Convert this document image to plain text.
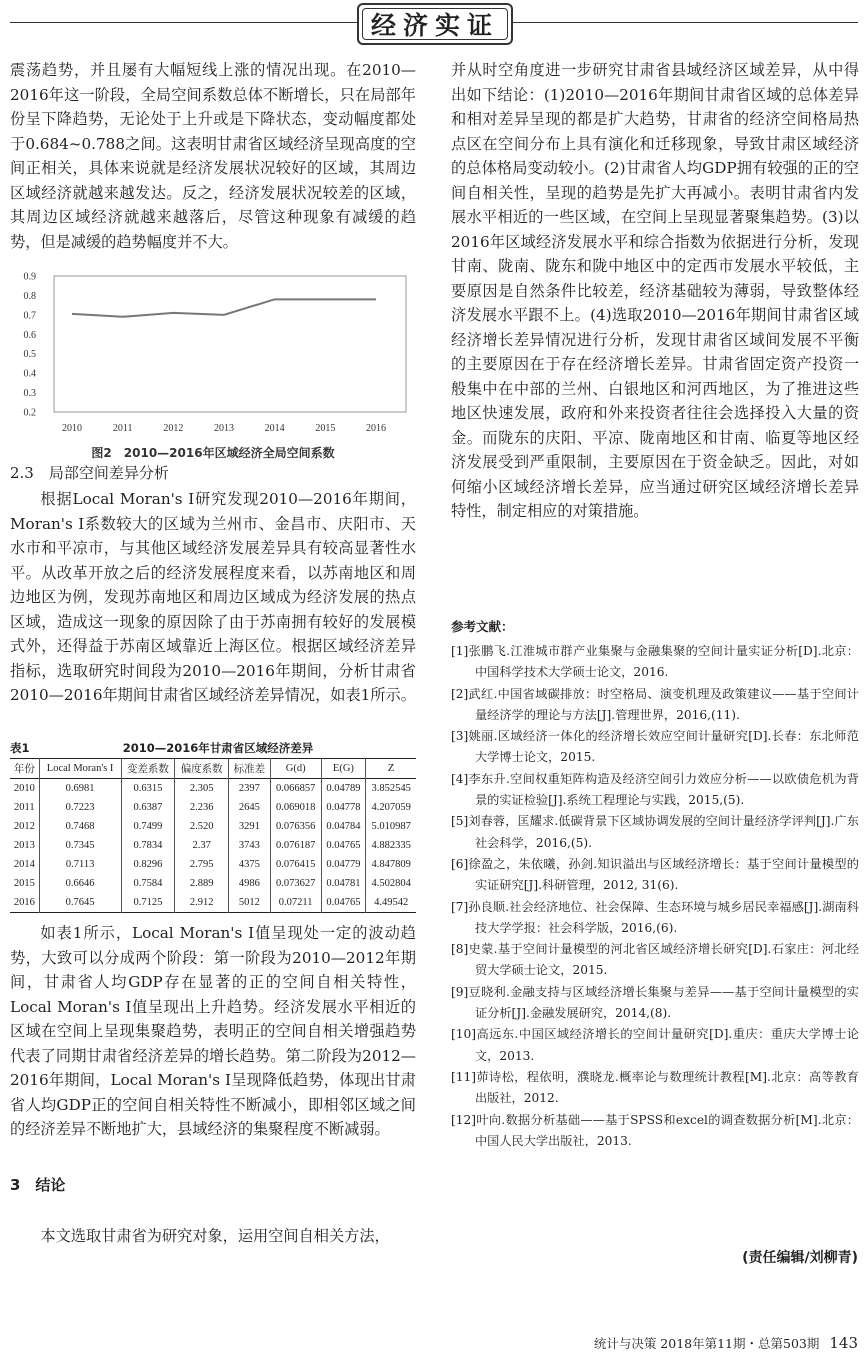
经济实证

震荡趋势，并且屡有大幅短线上涨的情况出现。在2010—2016年这一阶段，全局空间系数总体不断增长，只在局部年份呈下降趋势，无论处于上升或是下降状态，变动幅度都处于0.684~0.788之间。这表明甘肃省区域经济呈现高度的空间正相关，具体来说就是经济发展状况较好的区域，其周边区域经济就越来越发达。反之，经济发展状况较差的区域，其周边区域经济就越来越落后，尽管这种现象有减缓的趋势，但是减缓的趋势幅度并不大。

0.9
0.8
0.7
0.6
0.5
0.4
0.3
0.2
2010	2011	2012	2013	2014	2015	2016
图2　2010—2016年区域经济全局空间系数
2.3　局部空间差异分析

根据Local Moran's I研究发现2010—2016年期间，Moran's I系数较大的区域为兰州市、金昌市、庆阳市、天水市和平凉市，与其他区域经济发展差异具有较高显著性水平。从改革开放之后的经济发展程度来看，以苏南地区和周边地区为例，发现苏南地区和周边区域成为经济发展的热点区域，造成这一现象的原因除了由于苏南拥有较好的发展模式外，还得益于苏南区域靠近上海区位。根据区域经济差异指标，选取研究时间段为2010—2016年期间，分析甘肃省2010—2016年期间甘肃省区域经济差异情况，如表1所示。

表1	2010—2016年甘肃省区域经济差异
年份	Local Moran's I	变差系数	偏度系数	标准差	G(d)	E(G)	Z
2010	0.6981	0.6315	2.305	2397	0.066857	0.04789	3.852545
2011	0.7223	0.6387	2.236	2645	0.069018	0.04778	4.207059
2012	0.7468	0.7499	2.520	3291	0.076356	0.04784	5.010987
2013	0.7345	0.7834	2.37	3743	0.076187	0.04765	4.882335
2014	0.7113	0.8296	2.795	4375	0.076415	0.04779	4.847809
2015	0.6646	0.7584	2.889	4986	0.073627	0.04781	4.502804
2016	0.7645	0.7125	2.912	5012	0.07211	0.04765	4.49542

如表1所示，Local Moran's I值呈现处一定的波动趋势，大致可以分成两个阶段：第一阶段为2010—2012年期间，甘肃省人均GDP存在显著的正的空间自相关特性，Local Moran's I值呈现出上升趋势。经济发展水平相近的区域在空间上呈现集聚趋势，表明正的空间自相关增强趋势代表了同期甘肃省经济差异的增长趋势。第二阶段为2012—2016年期间，Local Moran's I呈现降低趋势，体现出甘肃省人均GDP正的空间自相关特性不断减小，即相邻区域之间的经济差异不断地扩大，县域经济的集聚程度不断减弱。

3　结论

本文选取甘肃省为研究对象，运用空间自相关方法，

并从时空角度进一步研究甘肃省县域经济区域差异，从中得出如下结论：(1)2010—2016年期间甘肃省区域的总体差异和相对差异呈现的都是扩大趋势，甘肃省的经济空间格局热点区在空间分布上具有演化和迁移现象，导致甘肃区域经济的总体格局变动较小。(2)甘肃省人均GDP拥有较强的正的空间自相关性，呈现的趋势是先扩大再减小。表明甘肃省内发展水平相近的一些区域，在空间上呈现显著聚集趋势。(3)以2016年区域经济发展水平和综合指数为依据进行分析，发现甘南、陇南、陇东和陇中地区中的定西市发展水平较低，主要原因是自然条件比较差，经济基础较为薄弱，导致整体经济发展水平跟不上。(4)选取2010—2016年期间甘肃省区域经济增长差异情况进行分析，发现甘肃省区域间发展不平衡的主要原因在于存在经济增长差异。甘肃省固定资产投资一般集中在中部的兰州、白银地区和河西地区，为了推进这些地区快速发展，政府和外来投资者往往会选择投入大量的资金。而陇东的庆阳、平凉、陇南地区和甘南、临夏等地区经济发展受到严重限制，主要原因在于资金缺乏。因此，对如何缩小区域经济增长差异，应当通过研究区域经济增长差异特性，制定相应的对策措施。

参考文献：
[1]张鹏飞.江淮城市群产业集聚与金融集聚的空间计量实证分析[D].北京：中国科学技术大学硕士论文，2016.
[2]武红.中国省域碳排放：时空格局、演变机理及政策建议——基于空间计量经济学的理论与方法[J].管理世界，2016,(11).
[3]姚丽.区域经济一体化的经济增长效应空间计量研究[D].长春：东北师范大学博士论文，2015.
[4]李东升.空间权重矩阵构造及经济空间引力效应分析——以欧债危机为背景的实证检验[J].系统工程理论与实践，2015,(5).
[5]刘春蓉，匡耀求.低碳背景下区域协调发展的空间计量经济学评判[J].广东社会科学，2016,(5).
[6]徐盈之，朱依曦，孙剑.知识溢出与区域经济增长：基于空间计量模型的实证研究[J].科研管理，2012, 31(6).
[7]孙良顺.社会经济地位、社会保障、生态环境与城乡居民幸福感[J].湖南科技大学学报：社会科学版，2016,(6).
[8]史蒙.基于空间计量模型的河北省区域经济增长研究[D].石家庄：河北经贸大学硕士论文，2015.
[9]豆晓利.金融支持与区域经济增长集聚与差异——基于空间计量模型的实证分析[J].金融发展研究，2014,(8).
[10]高远东.中国区域经济增长的空间计量研究[D].重庆：重庆大学博士论文，2013.
[11]茆诗松，程依明，濮晓龙.概率论与数理统计教程[M].北京：高等教育出版社，2012.
[12]叶向.数据分析基础——基于SPSS和excel的调查数据分析[M].北京：中国人民大学出版社，2013.
(责任编辑/刘柳青)
统计与决策 2018年第11期・总第503期 143
